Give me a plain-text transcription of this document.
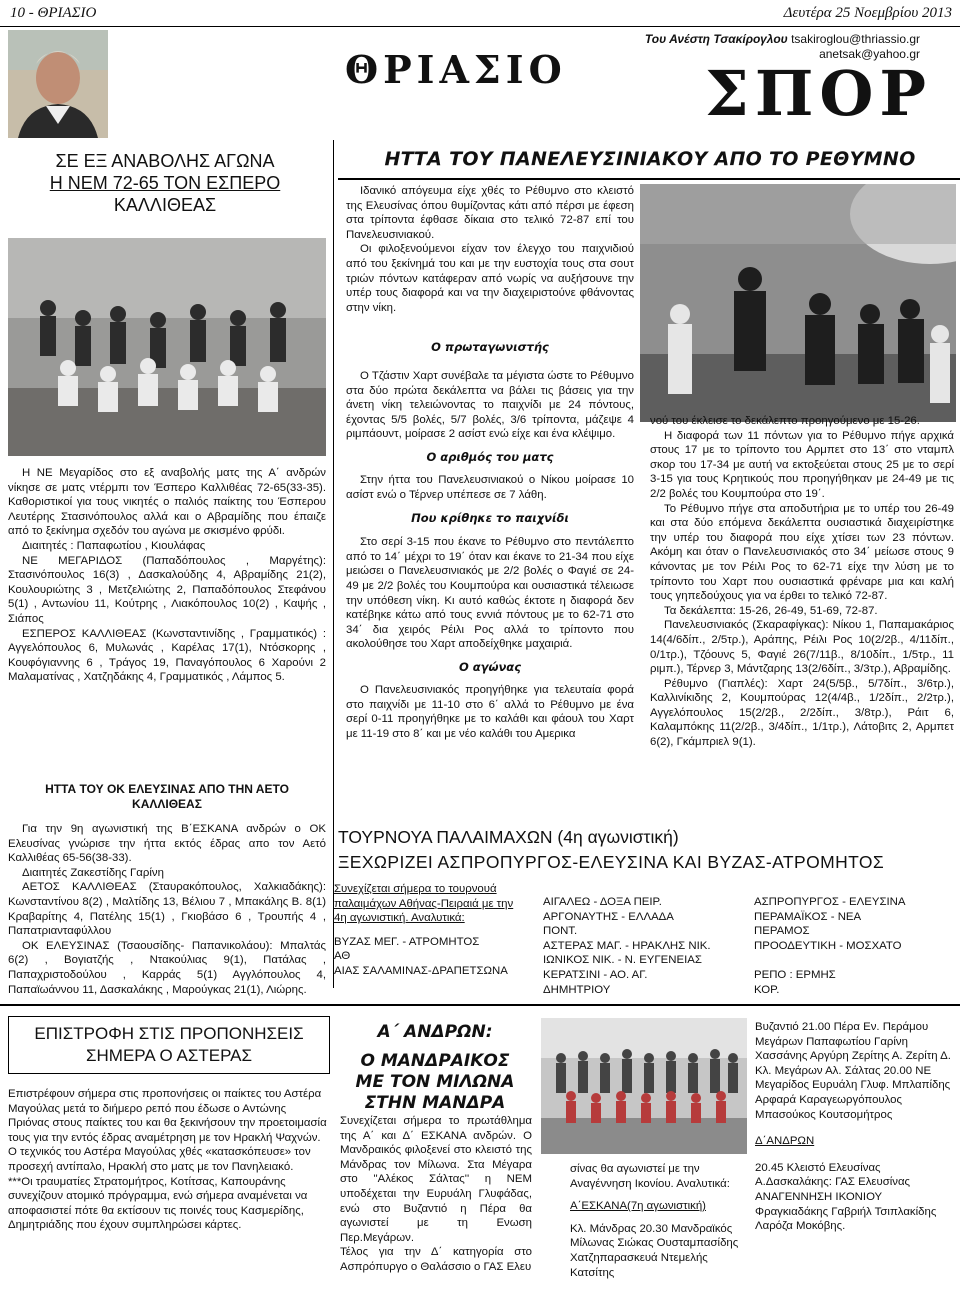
10 - ΘΡΙΑΣΙΟ	Δευτέρα 25 Νοεμβρίου 2013
ΘΡΙΑΣΙΟ
Του Ανέστη Τσακίρογλου tsakiroglou@thriassio.gr
anetsak@yahoo.gr
ΣΠΟΡ
ΣΕ ΕΞ ΑΝΑΒΟΛΗΣ ΑΓΩΝΑ
Η ΝΕΜ 72-65 ΤΟΝ ΕΣΠΕΡΟ
ΚΑΛΛΙΘΕΑΣ

Η ΝΕ Μεγαρίδος στο εξ αναβολής ματς της Α΄ ανδρών νίκησε σε ματς ντέρμπι τον Έσπερο Καλλιθέας 72-65(33-35). Καθοριστικοί για τους νικητές ο παλιός παίκτης του Έσπερου Λευτέρης Στασινόπουλος αλλά και ο Αβραμίδης που έπαιζε από το ξεκίνημα σχεδόν του αγώνα με σκισμένο φρύδι.

Διαιτητές : Παπαφωτίου , Κιουλάφας

ΝΕ ΜΕΓΑΡΙΔΟΣ (Παπαδόπουλος , Μαργέτης): Στασινόπουλος 16(3) , Δασκαλούδης 4, Αβραμίδης 21(2), Κουλουριώτης 3 , Μετζελιώτης 2, Παπαδόπουλος Στεφάνου 5(1) , Αντωνίου 11, Κούτρης , Λιακόπουλος 10(2) , Καψής , Σιάπος

ΕΣΠΕΡΟΣ ΚΑΛΛΙΘΕΑΣ (Κωνσταντινίδης , Γραμματικός) : Αγγελόπουλος 6, Μυλωνάς , Καρέλας 17(1), Ντόσκορης , Κουφόγιαννης 6 , Τράγος 19, Παναγόπουλος 6 Χαρούνι 2 Μαλαματίνας , Χατζηδάκης 4, Γραμματικός , Λάμπος 5.

ΗΤΤΑ ΤΟΥ ΟΚ ΕΛΕΥΣΙΝΑΣ ΑΠΟ ΤΗΝ ΑΕΤΟ
ΚΑΛΛΙΘΕΑΣ

Για την 9η αγωνιστική της Β΄ΕΣΚΑΝΑ ανδρών ο ΟΚ Ελευσίνας γνώρισε την ήττα εκτός έδρας απο τον Αετό Καλλιθέας 65-56(38-33).

Διαιτητές Ζακεστίδης Γαρίνη

ΑΕΤΟΣ ΚΑΛΛΙΘΕΑΣ (Σταυρακόπουλος, Χαλκιαδάκης): Κωνσταντίνου 8(2) , Μαλτίδης 13, Βέλιου 7 , Μπακάλης Β. 8(1) Κραβαρίτης 4, Πατέλης 15(1) , Γκιοβάσο 6 , Τρουπής 4 , Παπατριανταφύλλου

ΟΚ ΕΛΕΥΣΙΝΑΣ (Τσαουσίδης- Παπανικολάου): Μπαλτάς 6(2) , Βογιατζής , Ντακούλιας 9(1), Πατάλας , Παπαχριστοδούλου , Καρράς 5(1) Αγγλόπουλος 4, Παπαϊωάννου 11, Δασκαλάκης , Μαρούγκας 21(1), Λιώρης.

ΗΤΤΑ ΤΟΥ ΠΑΝΕΛΕΥΣΙΝΙΑΚΟΥ ΑΠΟ ΤΟ ΡΕΘΥΜΝΟ

Ιδανικό απόγευμα είχε χθές το Ρέθυμνο στο κλειστό της Ελευσίνας όπου θυμίζοντας κάτι από πέρσι με έφεση στα τρίποντα έφθασε δίκαια στο τελικό 72-87 επί του Πανελευσινιακού.

Οι φιλοξενούμενοι είχαν τον έλεγχο του παιχνιδιού από του ξεκίνημά του και με την ευστοχία τους στα σουτ τριών πόντων κατάφεραν από νωρίς να αυξήσουνε την υπέρ τους διαφορά και να την διαχειριστούνε φθάνοντας στην νίκη.

Ο πρωταγωνιστής

Ο Τζάστιν Χαρτ συνέβαλε τα μέγιστα ώστε το Ρέθυμνο στα δύο πρώτα δεκάλεπτα να βάλει τις βάσεις για την άνετη νίκη τελειώνοντας το παιχνίδι με 24 πόντους, έχοντας 5/5 βολές, 5/7 βολές, 3/6 τρίποντα, μάζεψε 4 ριμπάουντ, μοίρασε 2 ασίστ ενώ είχε και ένα κλέψιμο.

Ο αριθμός του ματς

Στην ήττα του Πανελευσινιακού ο Νίκου μοίρασε 10 ασίστ ενώ ο Τέρνερ υπέπεσε σε 7 λάθη.

Που κρίθηκε το παιχνίδι

Στο σερί 3-15 που έκανε το Ρέθυμνο στο πεντάλεπτο από το 14΄ μέχρι το 19΄ όταν και έκανε το 21-34 που είχε μειώσει ο Πανελευσινιακός με 2/2 βολές ο Φαγιέ σε 24-49 με 2/2 βολές του Κουμπούρα και ουσιαστικά τέλειωσε την υπόθεση νίκη. Κι αυτό καθώς έκτοτε η διαφορά δεν κατέβηκε κάτω από τους εννιά πόντους με το 62-71 στο 34΄ δια χειρός Ρέιλι Ρος αλλά το τρίποντο που ακολούθησε του Χαρτ αποδείχθηκε μαχαιριά.

Ο αγώνας

Ο Πανελευσινιακός προηγήθηκε για τελευταία φορά στο παιχνίδι με 11-10 στο 6΄ αλλά το Ρέθυμνο με ένα σερί 0-11 προηγήθηκε με το καλάθι και φάουλ του Χαρτ με 11-19 στο 8΄ και με νέο καλάθι του Αμερικα

νού του έκλεισε το δεκάλεπτο προηγούμενο με 15-26.

Η διαφορά των 11 πόντων για το Ρέθυμνο πήγε αρχικά στους 17 με το τρίποντο του Αρμπετ στο 13΄ στο νταμπλ σκορ του 17-34 με αυτή να εκτοξεύεται στους 25 με το σερί 3-15 για τους Κρητικούς που προηγήθηκαν με 24-49 με τις 2/2 βολές του Κουμπούρα στο 19΄.

Το Ρέθυμνο πήγε στα αποδυτήρια με το υπέρ του 26-49 και στα δύο επόμενα δεκάλεπτα ουσιαστικά διαχειρίστηκε την υπέρ του διαφορά που είχε χτίσει των 23 πόντων. Ακόμη και όταν ο Πανελευσινιακός στο 34΄ μείωσε στους 9 κάνοντας με τον Ρέιλι Ρος το 62-71 είχε την λύση με το τρίποντο του Χαρτ που ουσιαστικά φρέναρε μια και καλή τους γηπεδούχους για να έρθει το τελικό 72-87.

Τα δεκάλεπτα: 15-26, 26-49, 51-69, 72-87.

Πανελευσινιακός (Σκαραφίγκας): Νίκου 1, Παπαμακάριος 14(4/6δίπ., 2/5τρ.), Αράπης, Ρέιλι Ρος 10(2/2β., 4/11δίπ., 0/1τρ.), Τζόουνς 5, Φαγιέ 26(7/11β., 8/10δίπ., 1/5τρ., 11 ριμπ.), Τέρνερ 3, Μάντζαρης 13(2/6δίπ., 3/3τρ.), Αβραμίδης.

Ρέθυμνο (Γιαπλές): Χαρτ 24(5/5β., 5/7δίπ., 3/6τρ.), Καλλινίκιδης 2, Κουμπούρας 12(4/4β., 1/2δίπ., 2/2τρ.), Αγγελόπουλος 15(2/2β., 2/2δίπ., 3/8τρ.), Ράιτ 6, Καλαμπόκης 11(2/2β., 3/4δίπ., 1/1τρ.), Λάτοβιτς 2, Αρμπετ 6(2), Γκάμπριελ 9(1).

ΤΟΥΡΝΟΥΑ ΠΑΛΑΙΜΑΧΩΝ (4η αγωνιστική)
ΞΕΧΩΡΙΖΕΙ ΑΣΠΡΟΠΥΡΓΟΣ-ΕΛΕΥΣΙΝΑ ΚΑΙ ΒΥΖΑΣ-ΑΤΡΟΜΗΤΟΣ

Συνεχίζεται σήμερα το τουρνουά παλαιμάχων Αθήνας-Πειραιά με την 4η αγωνιστική. Αναλυτικά:

ΒΥΖΑΣ ΜΕΓ. - ΑΤΡΟΜΗΤΟΣ

ΑΘ

ΑΙΑΣ ΣΑΛΑΜΙΝΑΣ-ΔΡΑΠΕΤΣΩΝΑ

ΑΙΓΑΛΕΩ - ΔΟΞΑ ΠΕΙΡ.

ΑΡΓΟΝΑΥΤΗΣ - ΕΛΛΑΔΑ

ΠΟΝΤ.

ΑΣΤΕΡΑΣ ΜΑΓ. - ΗΡΑΚΛΗΣ ΝΙΚ.

ΙΩΝΙΚΟΣ ΝΙΚ. - Ν. ΕΥΓΕΝΕΙΑΣ

ΚΕΡΑΤΣΙΝΙ - ΑΟ. ΑΓ.

ΔΗΜΗΤΡΙΟΥ

ΑΣΠΡΟΠΥΡΓΟΣ - ΕΛΕΥΣΙΝΑ

ΠΕΡΑΜΑΪΚΟΣ - ΝΕΑ

ΠΕΡΑΜΟΣ

ΠΡΟΟΔΕΥΤΙΚΗ - ΜΟΣΧΑΤΟ

ΡΕΠΟ : ΕΡΜΗΣ

ΚΟΡ.

ΕΠΙΣΤΡΟΦΗ ΣΤΙΣ ΠΡΟΠΟΝΗΣΕΙΣ
ΣΗΜΕΡΑ Ο ΑΣΤΕΡΑΣ

Επιστρέφουν σήμερα στις προπονήσεις οι παίκτες του Αστέρα Μαγούλας μετά το διήμερο ρεπό που έδωσε ο Αντώνης Πριόνας στους παίκτες του και θα ξεκινήσουν την προετοιμασία τους για την εντός έδρας αναμέτρηση με τον Ηρακλή Ψαχνών.

Ο τεχνικός του Αστέρα Μαγούλας χθές «κατασκόπευσε» τον προσεχή αντίπαλο, Ηρακλή στο ματς με τον Πανηλειακό.

***Οι τραυματίες Στρατομήτρος, Κοτίτσας, Καπουράνης συνεχίζουν ατομικό πρόγραμμα, ενώ σήμερα αναμένεται να αποφασιστεί πότε θα εκτίσουν τις ποινές τους Κασμερίδης, Δημητριάδης που έχουν συμπληρώσει κάρτες.

Α΄ ΑΝΔΡΩΝ:
Ο ΜΑΝΔΡΑΙΚΟΣ
ΜΕ ΤΟΝ ΜΙΛΩΝΑ
ΣΤΗΝ ΜΑΝΔΡΑ

Συνεχίζεται σήμερα το πρωτάθλημα της Α΄ και Δ΄ ΕΣΚΑΝΑ ανδρών. Ο Μανδραικός φιλοξενεί στο κλειστό της Μάνδρας τον Μίλωνα. Στα Μέγαρα στο ''Αλέκος Σάλτας'' η ΝΕΜ υποδέχεται την Ευρυάλη Γλυφάδας, ενώ στο Βυζαντιό η Πέρα θα αγωνιστεί με τη Ενωση Περ.Μεγάρων.

Τέλος για την Δ΄ κατηγορία στο Ασπρόπυργο ο Θαλάσσιο ο ΓΑΣ Ελευ

σίνας θα αγωνιστεί με την Αναγέννηση Ικονίου. Αναλυτικά:

Α΄ΕΣΚΑΝΑ(7η αγωνιστική)

Κλ. Μάνδρας 20.30 Μανδραϊκός Μίλωνας Σιώκας Ουσταμπασίδης Χατζηπαρασκευά Ντεμελής Κατσίτης

Βυζαντιό 21.00 Πέρα Εν. Περάμου Μεγάρων Παπαφωτίου Γαρίνη Χασσάνης Αργύρη Ζερίτης Α. Ζερίτη Δ.

Κλ. Μεγάρων Αλ. Σάλτας 20.00 ΝΕ Μεγαρίδος Ευρυάλη Γλυφ. Μπλαπίδης Αρφαρά Καραγεωργόπουλος Μπασούκος Κουτσομήτρος

Δ΄ΑΝΔΡΩΝ

20.45 Κλειστό Ελευσίνας Α.Δασκαλάκης: ΓΑΣ Ελευσίνας ΑΝΑΓΕΝΝΗΣΗ ΙΚΟΝΙΟΥ Φραγκιαδάκης Γαβριήλ Τσιπλακίδης Λαρόζα Μοκόβης.
